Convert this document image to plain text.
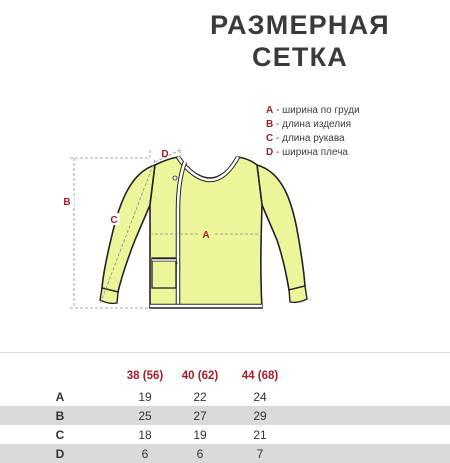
РАЗМЕРНАЯ
СЕТКА
A - ширина по груди
B - длина изделия
C - длина рукава
D - ширина плеча
A
B
C
D
	38 (56)	40 (62)	44 (68)	
A	19	22	24	
B	25	27	29	
C	18	19	21	
D	6	6	7	
